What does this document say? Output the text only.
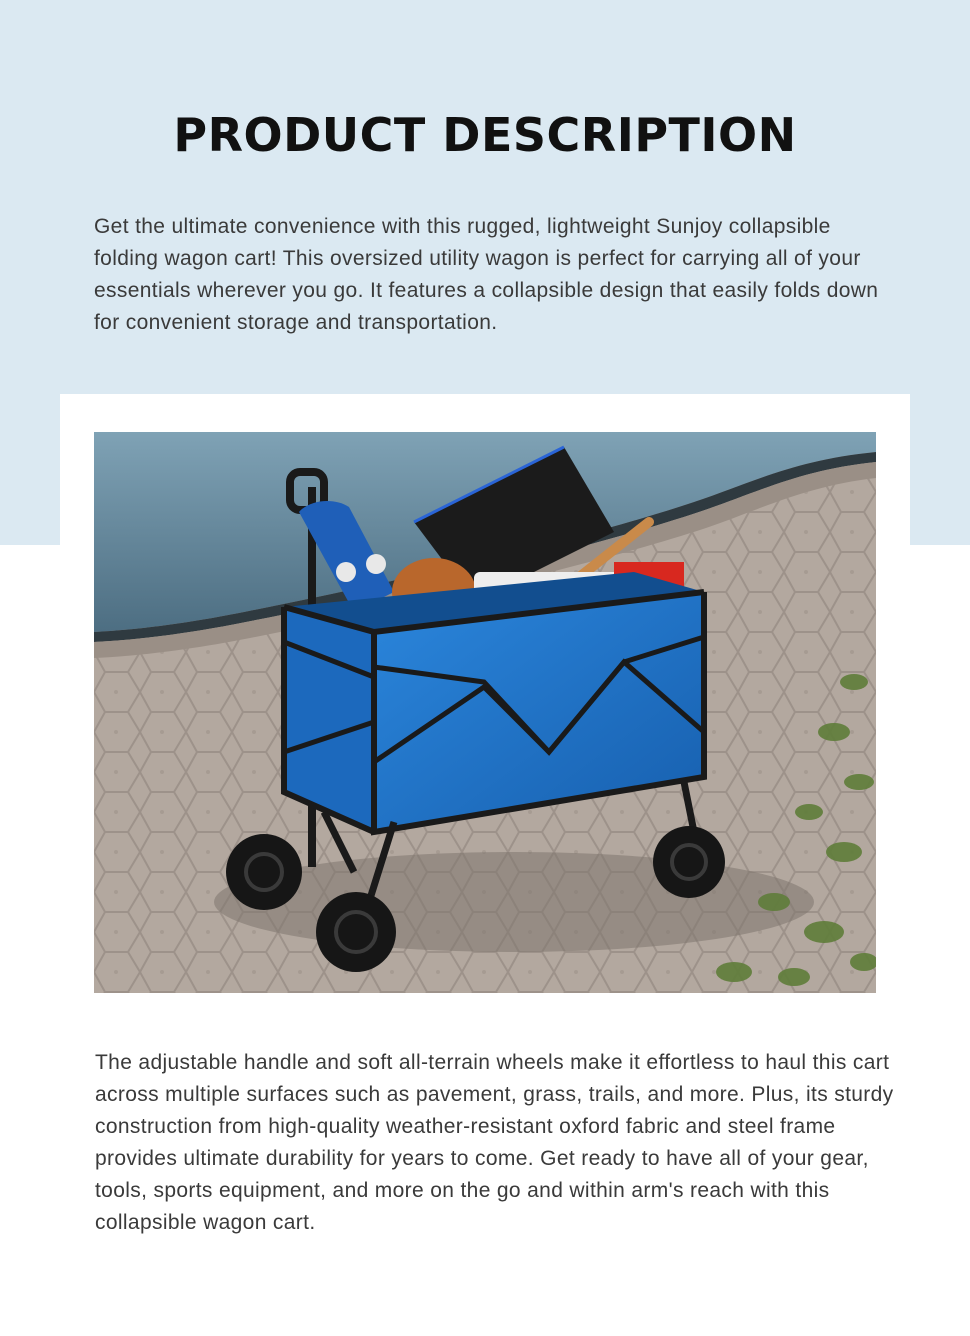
PRODUCT DESCRIPTION

Get the ultimate convenience with this rugged, lightweight Sunjoy collapsible folding wagon cart! This oversized utility wagon is perfect for carrying all of your essentials wherever you go. It features a collapsible design that easily folds down for convenient storage and transportation.

The adjustable handle and soft all-terrain wheels make it effortless to haul this cart across multiple surfaces such as pavement, grass, trails, and more. Plus, its sturdy construction from high-quality weather-resistant oxford fabric and steel frame provides ultimate durability for years to come. Get ready to have all of your gear, tools, sports equipment, and more on the go and within arm's reach with this collapsible wagon cart.
